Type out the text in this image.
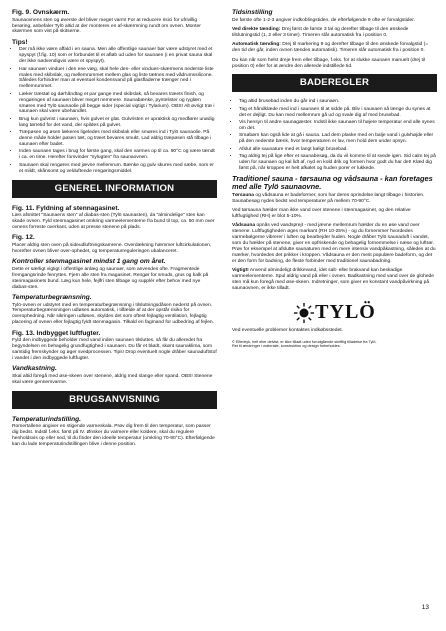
Fig. 9. Ovnskærm.

Saunaovnens sten og øverste del bliver meget varm! For at reducere risici for ufrivillig berøring, anbefaler Tylö altid at der monteres en af-skærmning rundt om ovnen. Monter skærmen som vist på skitserne.

Tips!
• Der må ikke være affald i en sauna. Men alle offentlige saunaer bør være udstyret med et spyspyt (f.fig. 10) som er forbundet til et afløb ud uden for saunaen (i en privat sauna skal der ikke nødvendigvis være et spyspyt).
• Har saunaen vinduer i den ene væg, skal hele den- eller vindues-skærmens nederste liste males med skibslak, og mellemrummet mellem glas og liste tætnes med vådrumssilicone. Således forhindrer man at eventuel kondensvand på glasfladerne trænger ned i mellemrummet.
• Læker træstøl og dørhåndtag et par gange med skibslak, så bevares træets finish, og rengøringen af saunaen bliver meget nemmere. Saunabænke, pyntelister og ryglæn smøres med Tylö saunaolie på begge sider (special vigtigt i Tylarium). OBS! Alt øvrigt træ i saunaen skal være ubehandlet.
• Brug kun gulvrist i saunaen, hvis gulvet er glat. Gulvristen er upraktisk og medfører unødig lang tørretid for det vand, der spildes på gulvet.
• Træpøsen og øsen lækeres ligeledes med skibslak eller smøres ind i Tylö saunaolie. På denne måde holder pøsen tæt, og træet bevares smukt. Lad aldrig træpøsen stå tilbage i saunaen efter badet.
• Inden saunaen tages i brug for første gang, skal den varmes op til ca. 90°C og være tændt i ca. en time. Herefter forsvinder "nylugten" fra saunaovnen.
• Saunaen skal rengøres med jævne mellemrum. Bænke og gulv skures med sæbe, som er et mildt, skånsomt og velduftende rengøringsmiddel.
GENEREL INFORMATION
Fig. 11. Fyldning af stennagasinet.

Læs afsnittet "Saunaens sten" af diabas-sten (Tylö saunasten), da "almindelige" sten kan skade ovnen. Fyld stenmagasinet omkring varmeelementerne fra bund til top, ca. 50 mm over ovnens forreste overkant, uden at presse stenene på plads.

Fig. 12.

Placer aldrig sten oven på sideudluftningskamrene. Overdækning hæmmer luftcirkulationen, hvorefter ovnen bliver over-ophedet, og temperaturreguleringen ubalanceret.

Kontroller stenmagasinet mindst 1 gang om året.

Dette er særligt vigtigt i offentlige anlæg og saunaer, som anvendes ofte. Fragmentede fremgangsrinde fenryttes. Fjern alle sten fra magasinet. Rengør for smuds, grus og kalk på stenmagasinets bund. Læg kun hele, fejlfri sten tilbage og supplér efter behov med nye diabas-sten.

Temperaturbegrænsning.

Tylö-ovnen er udstyret med en temperaturbegrænsning i tilslutningsdåsen nederst på ovnen. Temperaturbegrænsningen udløses automatisk, i tilfælde af at der opstår risiko for overophedning. Når sikringen udløses, skyldes det som oftest fejlagtig ventilation, fejlagtig placering af ovnen eller fejlagtig fyldt stenmagasin. Tilkald en fagmand for udbedring af fejlen.

Fig. 13. Indbygget luftfugter.

Fyld den indbyggede beholder med vand inden saunaen tilsluttes, så får du alleredet fra begyndelsen en behagelig grundfugtighed i saunaen. Du får et blødt, skønt saunaklima, som samtidig fremskynder og øger svedprocessen. Tips! Drop eventuelt nogle dråber saunaduftstof i vandet i den indbyggede luftfugter.

Vandkastning.

Skal altid foregå med øse-skeen over stenene, aldrig med slange eller spand. OBS! Stenene skal være gennemvarme.

BRUGSANVISNING
Temperaturindstilling.

Romertallene angiver en stigende varmeskala. Prøv dig frem til den temperatur, som passer dig bedst. Indstil f.eks. først på IV. Ønsker du varmere eller koldere, skal du regulere henholdsvis op eller ned, til du finder den ideelle temperatur (omkring 70-90°C). Efterfølgende kan du lade temperaturindstillingen blive i denne position.

Tidsinstilling

De første ofte 1-2-3 angiver indkoblingstiden, de efterfølgende 9 ofte er forvalgstider.

Ved direkte tænding: Drej først de første 3 tal og derefter tilbage til den ønskede tilslutningstid (1, 2 eller 3 timer). Timeren slår automatisk fra i position 0.

Automatisk tænding: Drej til markering 9 og derefter tilbage til den ønskede forvalgstid (= den tid der går, inden ovnen tændes automatisk). Timeren slår automatisk fra i position 0.

Du kan når som helst dreje frem eller tilbage, f.eks. for at slukke saunaen manuelt (drej til position 0) eller for at ændre den allerede indstillede tid.

BADEREGLER
• Tag altid brusebad inden du går ind i saunaen.
• Tag et håndklæde med ind i saunaen til at sidde på. Bliv i saunaen så længe du synes at det er dejligt. Du kan med mellemrum gå ud og svale dig af med brusebad.
• Vis hensyn til andre saunagæster. Indstil ikke saunaen til højere temperatur end alle synes om det.
• Smøbørn kan også lide at gå i sauna. Lad dem plaske med en balje vand i gulvhøjde eller på den nederste bænk, hvor temperaturen er lav, men hold dem under opsyn.
• Afslut alle saunature med et langt køligt brusebad.
• Tag aldrig tej på lige efter et saunabesøg, da du vil komme til at svede igen. Sid calm tej på uden for saunaen og kal lidt af, nyd en kold drik og formen hvor godt du har det! Klæd dig først på, når kroppen er helt afkølet og huden porer er lukkede.
Traditionel sauna - tørsauna og vådsauna - kan foretages med alle Tylö saunaovne.

Tørsauna og vådsauna er badeformer, som har deres oprindelse langt tilbage i historien. Saunabesøg nydes bedst ved temperaturer på mellem 70-90°C.

Ved tørsauna hælder man ikke vand over stenene i stenmagasinet, og den relative luftfugtighed (RH) er blot 5-10%.

Vådsauna opnås ved vandsprejt - med jævne mellemrum hælder du en øse vand over stenene. Luftfugtigheden øges markant (RH 10-25%) - og du fornemmer hvordedes varmebølgerne vibrerer i luften og bearbejder huden. Nogle dråber Tylö saunaduft i vandet, som du hælder på stenene, giver en opfriskende og behagelig fornemmelse i næse og luftrør. Prøv for eksempel at afslutte saunaturen med en mere intensiv vandpåkastning, således at du mærker, hvordedes det prikker i kroppen. Vådsauna er den mest populære badeform, og det er den form for badning, de fleste forbinder med traditionel saunabadning.

Vigtigt! Anvend almindeligt drikkevand, idet salt- eller brakvand kan beskadige varmeelementerne. Spul aldrig vand på eller i ovnen. Badkastning med vand over de glohede sten må kun foregå med øse-skeen. Indretninger, som giver en konstant vandpåvirkning på saunaovnen, er ikke tilladt.

TYLÖ

Ved eventuelle problemer kontaktes indkøbsstedet.

© Eftertryk, helt eller delvist, er ikke tilladt uden forudgående skriftlig tilladelse fra Tylö.
Ret til ændringer i materiale, konstruktion og design forbeholdes.
13
